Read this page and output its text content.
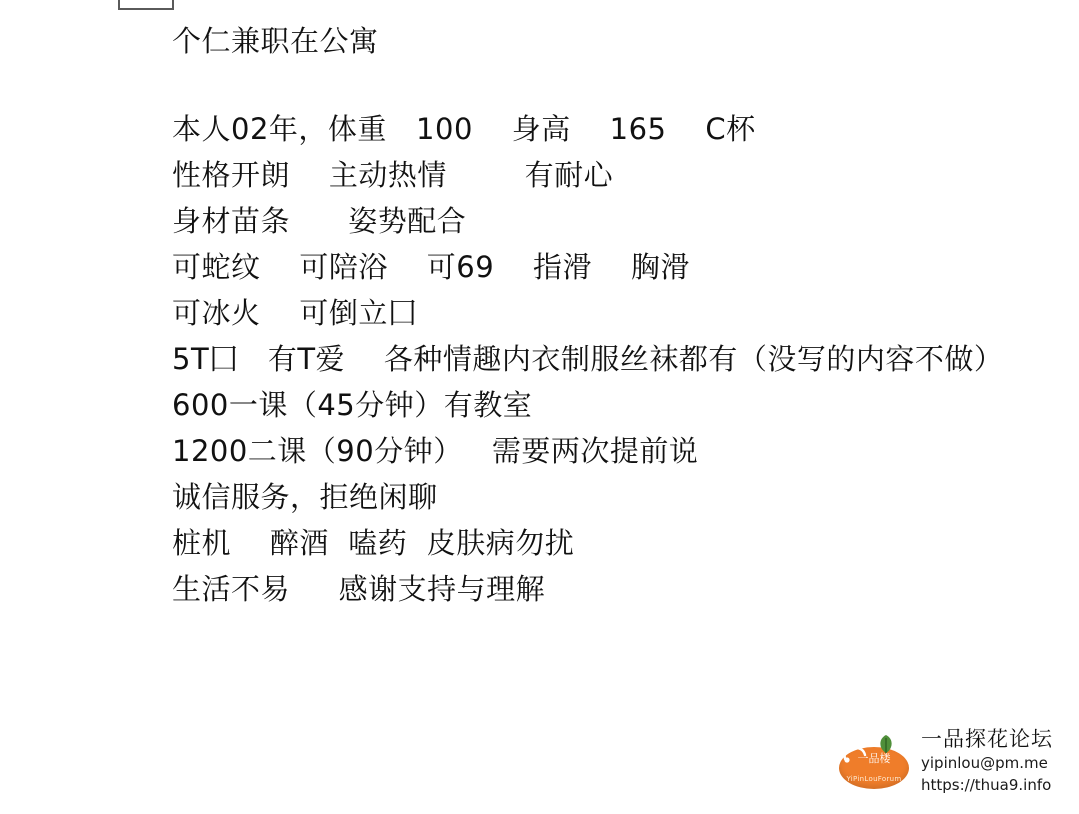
个仁兼职在公寓
本人02年，体重   100    身高    165    C杯
性格开朗    主动热情        有耐心
身材苗条      姿势配合
可蛇纹    可陪浴    可69    指滑    胸滑
可冰火    可倒立囗
5T囗   有T爱    各种情趣内衣制服丝袜都有（没写的内容不做）
600一课（45分钟）有教室
1200二课（90分钟）   需要两次提前说
诚信服务，拒绝闲聊
桩机    醉酒  嗑药  皮肤病勿扰
生活不易     感谢支持与理解
一品楼
YiPinLouForum
一品探花论坛
yipinlou@pm.me
https://thua9.info
